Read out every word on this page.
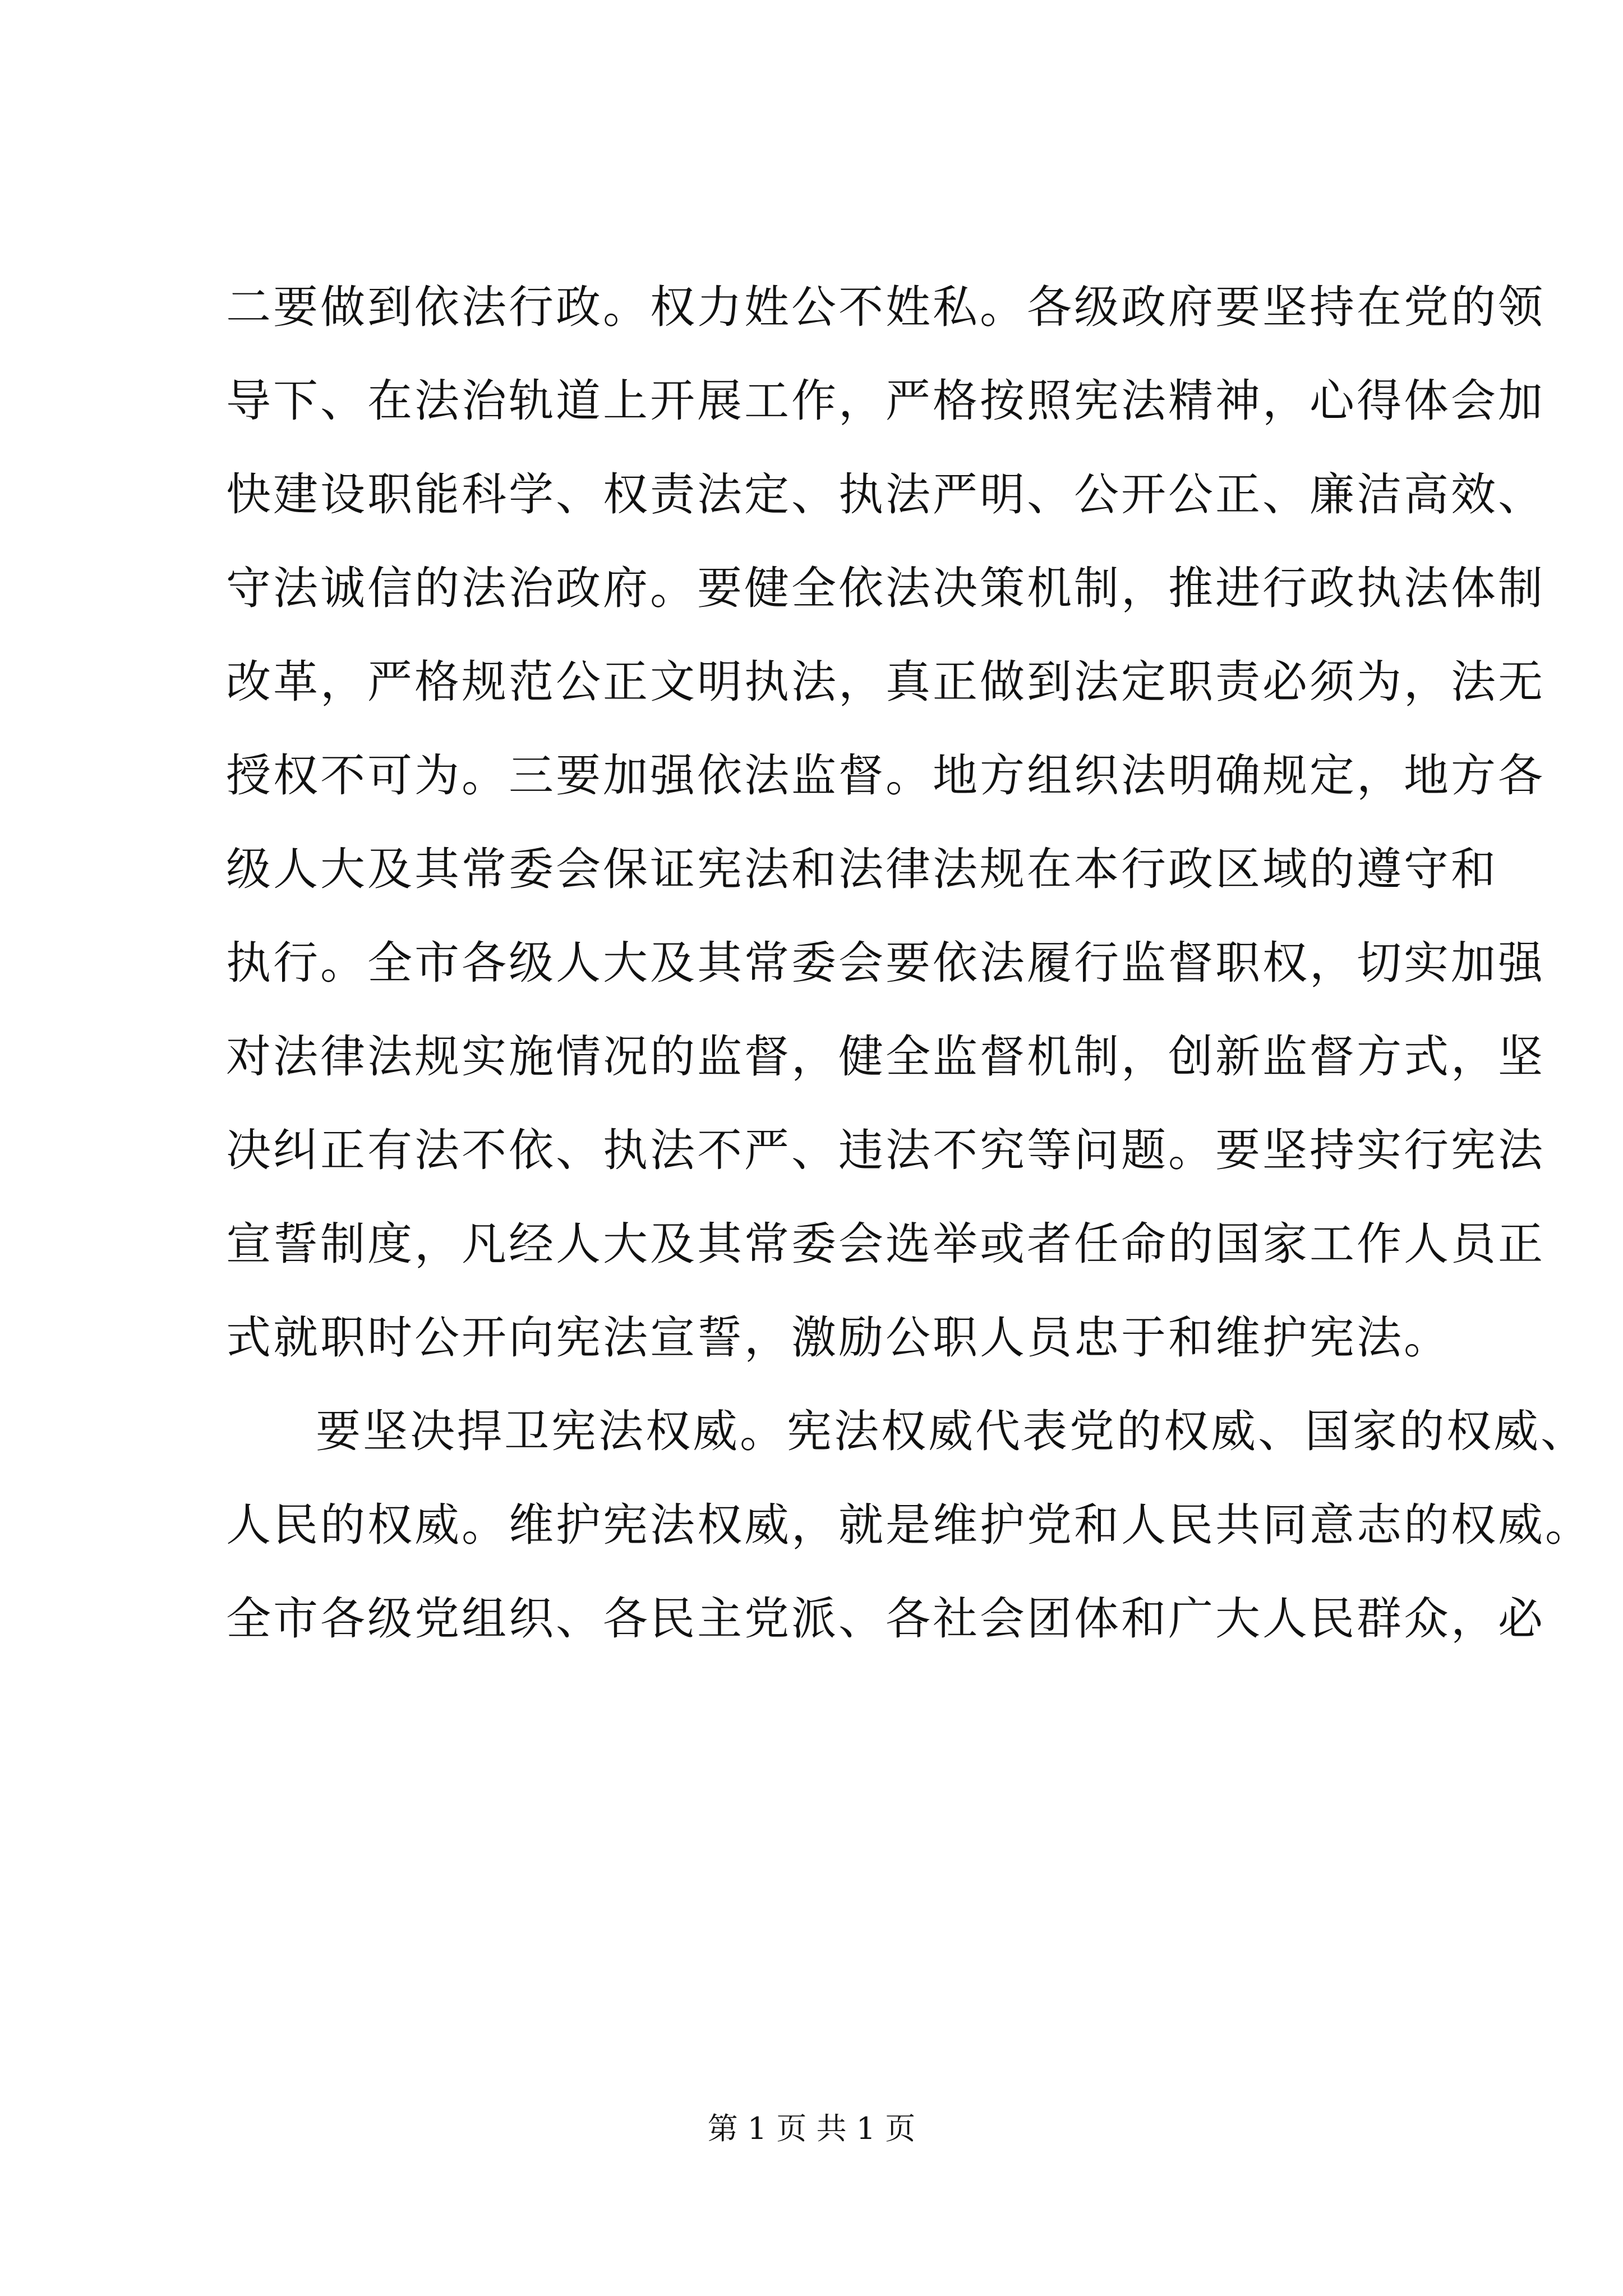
二要做到依法行政。权力姓公不姓私。各级政府要坚持在党的领
导下、在法治轨道上开展工作，严格按照宪法精神，心得体会加
快建设职能科学、权责法定、执法严明、公开公正、廉洁高效、
守法诚信的法治政府。要健全依法决策机制，推进行政执法体制
改革，严格规范公正文明执法，真正做到法定职责必须为，法无
授权不可为。三要加强依法监督。地方组织法明确规定，地方各
级人大及其常委会保证宪法和法律法规在本行政区域的遵守和
执行。全市各级人大及其常委会要依法履行监督职权，切实加强
对法律法规实施情况的监督，健全监督机制，创新监督方式，坚
决纠正有法不依、执法不严、违法不究等问题。要坚持实行宪法
宣誓制度，凡经人大及其常委会选举或者任命的国家工作人员正
式就职时公开向宪法宣誓，激励公职人员忠于和维护宪法。
要坚决捍卫宪法权威。宪法权威代表党的权威、国家的权威、
人民的权威。维护宪法权威，就是维护党和人民共同意志的权威。
全市各级党组织、各民主党派、各社会团体和广大人民群众，必
第 1 页 共 1 页
